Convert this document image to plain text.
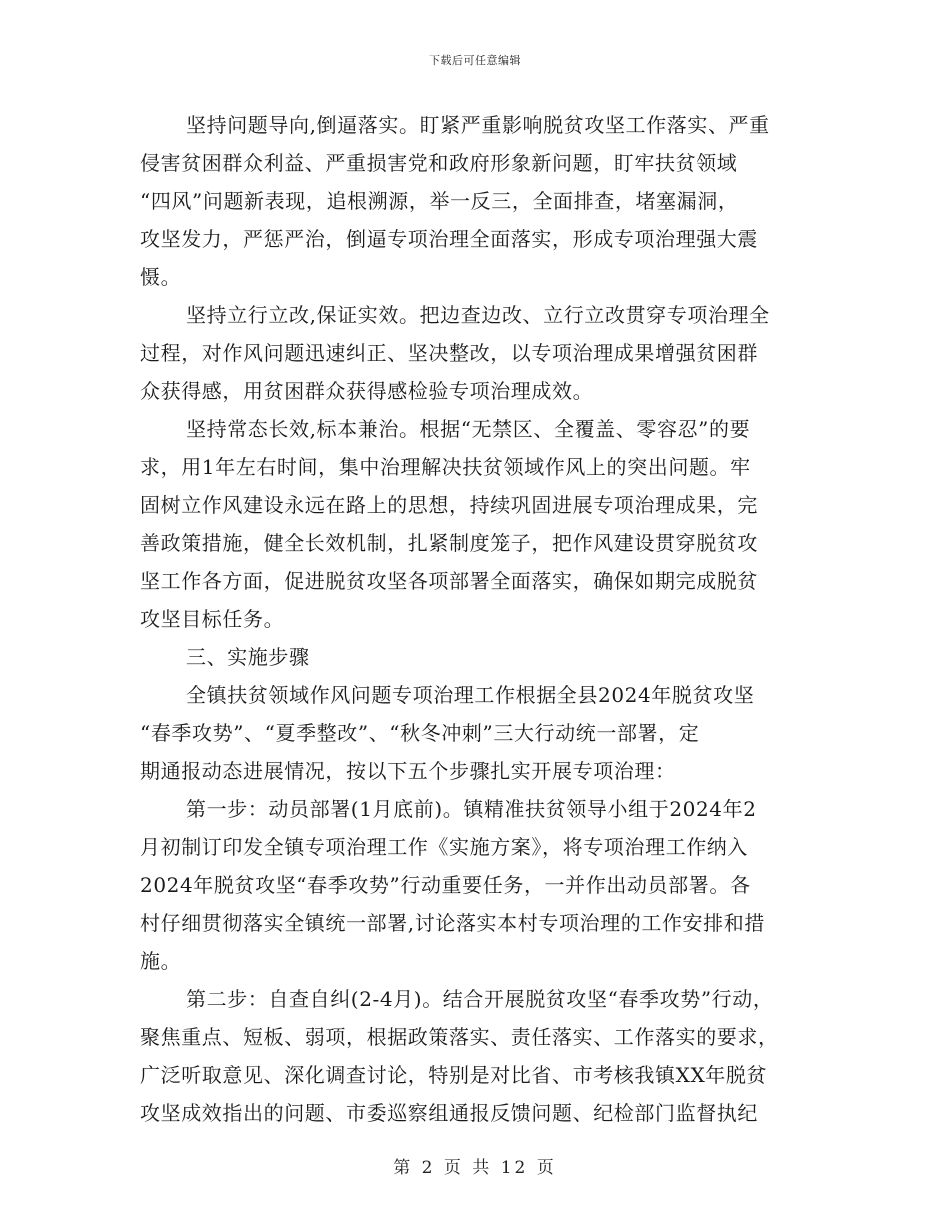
下载后可任意编辑
坚持问题导向,倒逼落实。盯紧严重影响脱贫攻坚工作落实、严重
侵害贫困群众利益、严重损害党和政府形象新问题，盯牢扶贫领域
“四风”问题新表现，追根溯源，举一反三，全面排查，堵塞漏洞，
攻坚发力，严惩严治，倒逼专项治理全面落实，形成专项治理强大震
慑。
坚持立行立改,保证实效。把边查边改、立行立改贯穿专项治理全
过程，对作风问题迅速纠正、坚决整改，以专项治理成果增强贫困群
众获得感，用贫困群众获得感检验专项治理成效。
坚持常态长效,标本兼治。根据“无禁区、全覆盖、零容忍”的要
求，用1年左右时间，集中治理解决扶贫领域作风上的突出问题。牢
固树立作风建设永远在路上的思想，持续巩固进展专项治理成果，完
善政策措施，健全长效机制，扎紧制度笼子，把作风建设贯穿脱贫攻
坚工作各方面，促进脱贫攻坚各项部署全面落实，确保如期完成脱贫
攻坚目标任务。
三、实施步骤
全镇扶贫领域作风问题专项治理工作根据全县2024年脱贫攻坚
“春季攻势”、“夏季整改”、“秋冬冲刺”三大行动统一部署，定
期通报动态进展情况，按以下五个步骤扎实开展专项治理：
第一步：动员部署(1月底前)。镇精准扶贫领导小组于2024年2
月初制订印发全镇专项治理工作《实施方案》，将专项治理工作纳入
2024年脱贫攻坚“春季攻势”行动重要任务，一并作出动员部署。各
村仔细贯彻落实全镇统一部署,讨论落实本村专项治理的工作安排和措
施。
第二步：自查自纠(2-4月)。结合开展脱贫攻坚“春季攻势”行动，
聚焦重点、短板、弱项，根据政策落实、责任落实、工作落实的要求，
广泛听取意见、深化调查讨论，特别是对比省、市考核我镇XX年脱贫
攻坚成效指出的问题、市委巡察组通报反馈问题、纪检部门监督执纪
第 2 页 共 12 页
